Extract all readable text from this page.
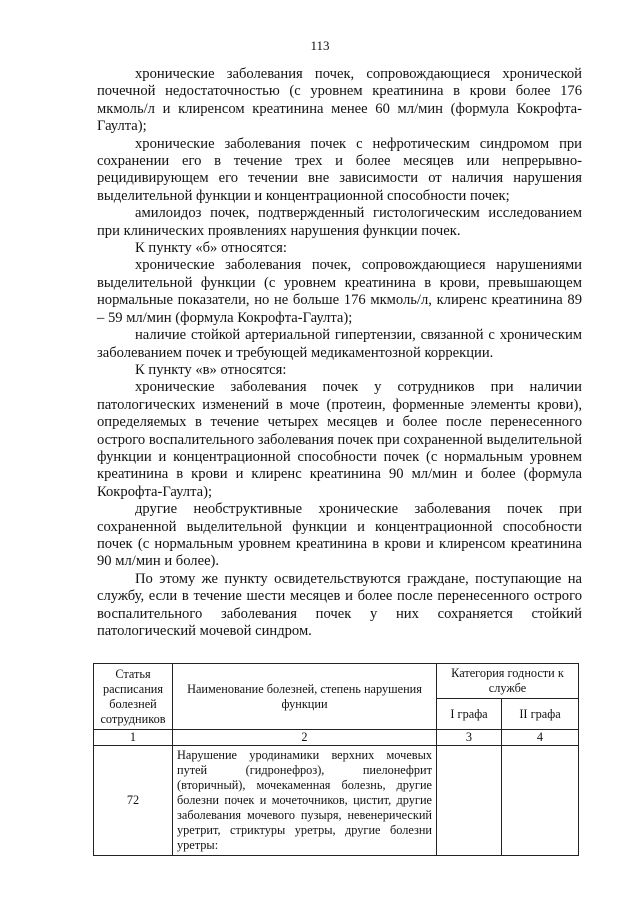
113

хронические заболевания почек, сопровождающиеся хронической почечной недостаточностью (с уровнем креатинина в крови более 176 мкмоль/л и клиренсом креатинина менее 60 мл/мин (формула Кокрофта-Гаулта);

хронические заболевания почек с нефротическим синдромом при сохранении его в течение трех и более месяцев или непрерывно-рецидивирующем его течении вне зависимости от наличия нарушения выделительной функции и концентрационной способности почек;

амилоидоз почек, подтвержденный гистологическим исследованием при клинических проявлениях нарушения функции почек.

К пункту «б» относятся:

хронические заболевания почек, сопровождающиеся нарушениями выделительной функции (с уровнем креатинина в крови, превышающем нормальные показатели, но не больше 176 мкмоль/л, клиренс креатинина 89 – 59 мл/мин (формула Кокрофта-Гаулта);

наличие стойкой артериальной гипертензии, связанной с хроническим заболеванием почек и требующей медикаментозной коррекции.

К пункту «в» относятся:

хронические заболевания почек у сотрудников при наличии патологических изменений в моче (протеин, форменные элементы крови), определяемых в течение четырех месяцев и более после перенесенного острого воспалительного заболевания почек при сохраненной выделительной функции и концентрационной способности почек (с нормальным уровнем креатинина в крови и клиренс креатинина 90 мл/мин и более (формула Кокрофта-Гаулта);

другие необструктивные хронические заболевания почек при сохраненной выделительной функции и концентрационной способности почек (с нормальным уровнем креатинина в крови и клиренсом креатинина 90 мл/мин и более).

По этому же пункту освидетельствуются граждане, поступающие на службу, если в течение шести месяцев и более после перенесенного острого воспалительного заболевания почек у них сохраняется стойкий патологический мочевой синдром.

Статья расписания болезней сотрудников	Наименование болезней, степень нарушения функции	Категория годности к службе	
		I графа	II графа
1	2	3	4
72	Нарушение уродинамики верхних мочевых путей (гидронефроз), пиелонефрит (вторичный), мочекаменная болезнь, другие болезни почек и мочеточников, цистит, другие заболевания мочевого пузыря, невенерический уретрит, стриктуры уретры, другие болезни уретры:		
